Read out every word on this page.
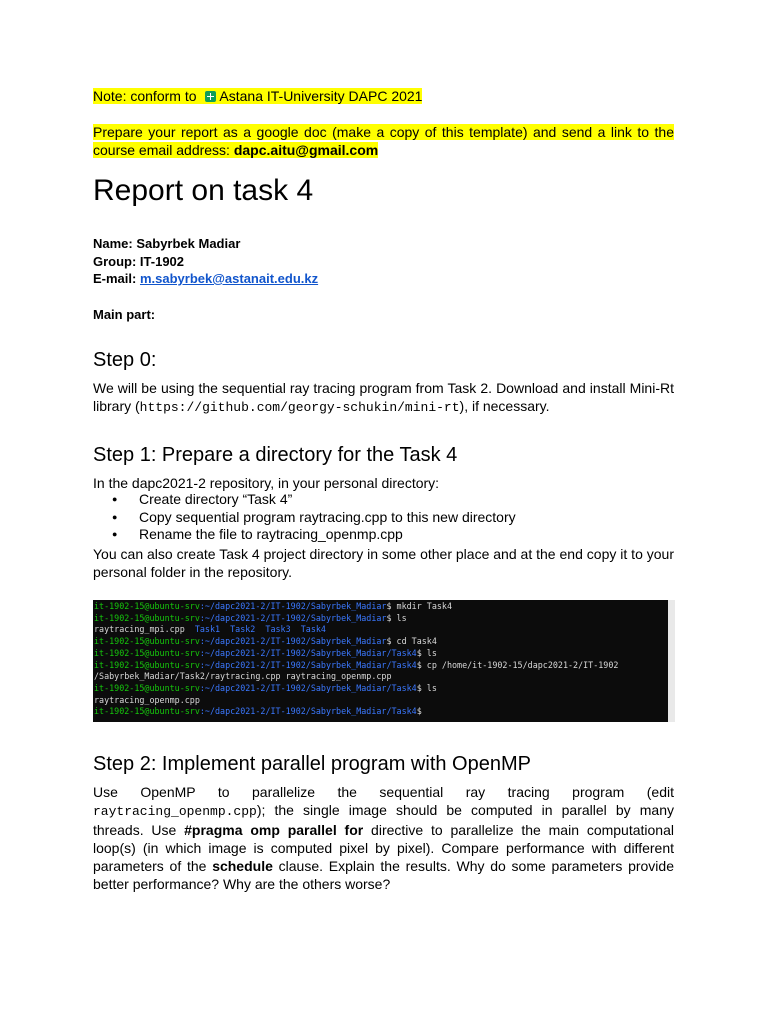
Note: conform to Astana IT-University DAPC 2021

Prepare your report as a google doc (make a copy of this template) and send a link to the course email address: dapc.aitu@gmail.com

Report on task 4
Name: Sabyrbek Madiar
Group: IT-1902
E-mail: m.sabyrbek@astanait.edu.kz
Main part:
Step 0:

We will be using the sequential ray tracing program from Task 2. Download and install Mini-Rt library (https://github.com/georgy-schukin/mini-rt), if necessary.

Step 1: Prepare a directory for the Task 4

In the dapc2021-2 repository, in your personal directory:

● Create directory “Task 4”
● Copy sequential program raytracing.cpp to this new directory
● Rename the file to raytracing_openmp.cpp

You can also create Task 4 project directory in some other place and at the end copy it to your personal folder in the repository.

it-1902-15@ubuntu-srv:~/dapc2021-2/IT-1902/Sabyrbek_Madiar$ mkdir Task4
it-1902-15@ubuntu-srv:~/dapc2021-2/IT-1902/Sabyrbek_Madiar$ ls
raytracing_mpi.cpp  Task1  Task2  Task3  Task4
it-1902-15@ubuntu-srv:~/dapc2021-2/IT-1902/Sabyrbek_Madiar$ cd Task4
it-1902-15@ubuntu-srv:~/dapc2021-2/IT-1902/Sabyrbek_Madiar/Task4$ ls
it-1902-15@ubuntu-srv:~/dapc2021-2/IT-1902/Sabyrbek_Madiar/Task4$ cp /home/it-1902-15/dapc2021-2/IT-1902
/Sabyrbek_Madiar/Task2/raytracing.cpp raytracing_openmp.cpp
it-1902-15@ubuntu-srv:~/dapc2021-2/IT-1902/Sabyrbek_Madiar/Task4$ ls
raytracing_openmp.cpp
it-1902-15@ubuntu-srv:~/dapc2021-2/IT-1902/Sabyrbek_Madiar/Task4$
Step 2: Implement parallel program with OpenMP

Use OpenMP to parallelize the sequential ray tracing program (edit raytracing_openmp.cpp); the single image should be computed in parallel by many threads. Use #pragma omp parallel for directive to parallelize the main computational loop(s) (in which image is computed pixel by pixel). Compare performance with different parameters of the schedule clause. Explain the results. Why do some parameters provide better performance? Why are the others worse?
